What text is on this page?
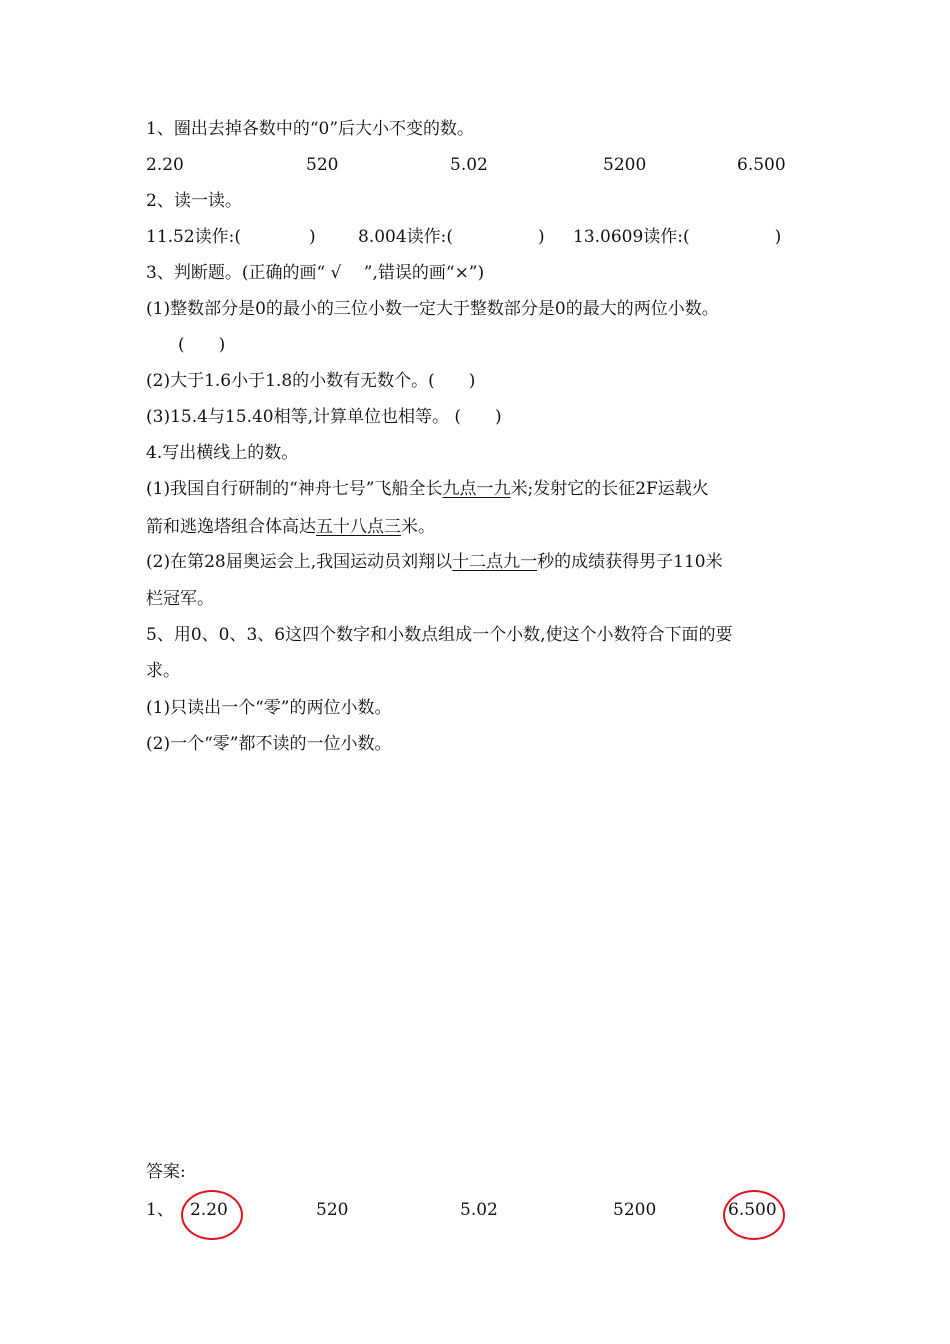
1、圈出去掉各数中的“0”后大小不变的数。
2.20	520	5.02	5200	6.500
2、读一读。
11.52读作:(　　　　) 8.004读作:(　　　　　) 13.0609读作:(　　　　　)
3、判断题。(正确的画“ √　 ”,错误的画“×”)
(1)整数部分是0的最小的三位小数一定大于整数部分是0的最大的两位小数。
(　　)
(2)大于1.6小于1.8的小数有无数个。(　　)
(3)15.4与15.40相等,计算单位也相等。 (　　)
4.写出横线上的数。
(1)我国自行研制的“神舟七号”飞船全长九点一九米;发射它的长征2F运载火
箭和逃逸塔组合体高达五十八点三米。
(2)在第28届奥运会上,我国运动员刘翔以十二点九一秒的成绩获得男子110米
栏冠军。
5、用0、0、3、6这四个数字和小数点组成一个小数,使这个小数符合下面的要
求。
(1)只读出一个“零”的两位小数。
(2)一个“零”都不读的一位小数。
答案:
1、 2.20	520	5.02	5200	6.500
